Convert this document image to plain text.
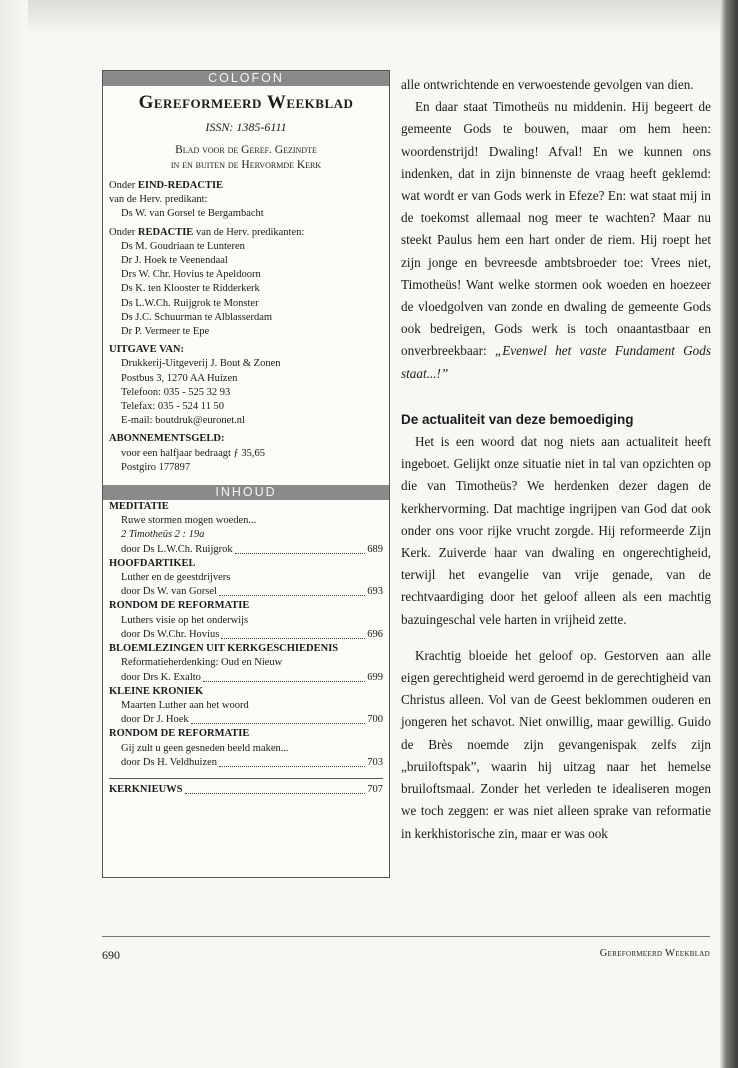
COLOFON
Gereformeerd Weekblad
ISSN: 1385-6111
Blad voor de Geref. Gezindte
in en buiten de Hervormde Kerk
Onder EIND-REDACTIE
van de Herv. predikant:
Ds W. van Gorsel te Bergambacht
Onder REDACTIE van de Herv. predikanten:
Ds M. Goudriaan te Lunteren
Dr J. Hoek te Veenendaal
Drs W. Chr. Hovius te Apeldoorn
Ds K. ten Klooster te Ridderkerk
Ds L.W.Ch. Ruijgrok te Monster
Ds J.C. Schuurman te Alblasserdam
Dr P. Vermeer te Epe
UITGAVE VAN:
Drukkerij-Uitgeverij J. Bout & Zonen
Postbus 3, 1270 AA Huizen
Telefoon: 035 - 525 32 93
Telefax: 035 - 524 11 50
E-mail: boutdruk@euronet.nl
ABONNEMENTSGELD:
voor een halfjaar bedraagt ƒ 35,65
Postgiro 177897
INHOUD
MEDITATIE
Ruwe stormen mogen woeden...
2 Timotheüs 2 : 19a
door Ds L.W.Ch. Ruijgrok	689
HOOFDARTIKEL
Luther en de geestdrijvers
door Ds W. van Gorsel	693
RONDOM DE REFORMATIE
Luthers visie op het onderwijs
door Ds W.Chr. Hovius	696
BLOEMLEZINGEN UIT KERKGESCHIEDENIS
Reformatieherdenking: Oud en Nieuw
door Drs K. Exalto	699
KLEINE KRONIEK
Maarten Luther aan het woord
door Dr J. Hoek	700
RONDOM DE REFORMATIE
Gij zult u geen gesneden beeld maken...
door Ds H. Veldhuizen	703
KERKNIEUWS	707

alle ontwrichtende en verwoestende gevolgen van dien.

En daar staat Timotheüs nu middenin. Hij begeert de gemeente Gods te bouwen, maar om hem heen: woordenstrijd! Dwaling! Afval! En we kunnen ons indenken, dat in zijn binnenste de vraag heeft geklemd: wat wordt er van Gods werk in Efeze? En: wat staat mij in de toekomst allemaal nog meer te wachten? Maar nu steekt Paulus hem een hart onder de riem. Hij roept het zijn jonge en bevreesde ambtsbroeder toe: Vrees niet, Timotheüs! Want welke stormen ook woeden en hoezeer de vloedgolven van zonde en dwaling de gemeente Gods ook bedreigen, Gods werk is toch onaantastbaar en onverbreekbaar: „Evenwel het vaste Fundament Gods staat...!”

De actualiteit van deze bemoediging

Het is een woord dat nog niets aan actualiteit heeft ingeboet. Gelijkt onze situatie niet in tal van opzichten op die van Timotheüs? We herdenken dezer dagen de kerkhervorming. Dat machtige ingrijpen van God dat ook onder ons voor rijke vrucht zorgde. Hij reformeerde Zijn Kerk. Zuiverde haar van dwaling en ongerechtigheid, terwijl het evangelie van vrije genade, van de rechtvaardiging door het geloof alleen als een machtig bazuingeschal vele harten in vrijheid zette.

Krachtig bloeide het geloof op. Gestorven aan alle eigen gerechtigheid werd geroemd in de gerechtigheid van Christus alleen. Vol van de Geest beklommen ouderen en jongeren het schavot. Niet onwillig, maar gewillig. Guido de Brès noemde zijn gevangenispak zelfs zijn „bruiloftspak”, waarin hij uitzag naar het hemelse bruiloftsmaal. Zonder het verleden te idealiseren mogen we toch zeggen: er was niet alleen sprake van reformatie in kerkhistorische zin, maar er was ook

690	Gereformeerd Weekblad
